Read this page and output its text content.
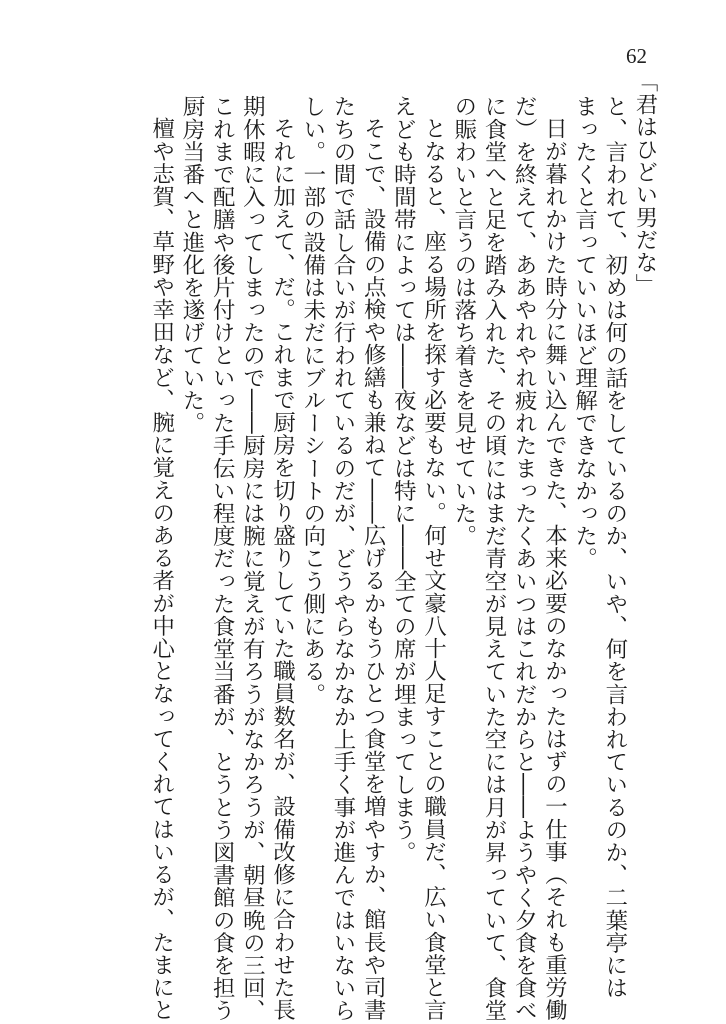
62
「君はひどい男だな」
と、言われて、初めは何の話をしているのか、いや、何を言われているのか、二葉亭には
まったくと言っていいほど理解できなかった。
日が暮れかけた時分に舞い込んできた、本来必要のなかったはずの一仕事（それも重労働
だ）を終えて、ああやれやれ疲れたまったくあいつはこれだからと――ようやく夕食を食べ
に食堂へと足を踏み入れた、その頃にはまだ青空が見えていた空には月が昇っていて、食堂
の賑わいと言うのは落ち着きを見せていた。
となると、座る場所を探す必要もない。何せ文豪八十人足すことの職員だ、広い食堂と言
えども時間帯によっては――夜などは特に――全ての席が埋まってしまう。
そこで、設備の点検や修繕も兼ねて――広げるかもうひとつ食堂を増やすか、館長や司書
たちの間で話し合いが行われているのだが、どうやらなかなか上手く事が進んではいないら
しい。一部の設備は未だにブルーシートの向こう側にある。
それに加えて、だ。これまで厨房を切り盛りしていた職員数名が、設備改修に合わせた長
期休暇に入ってしまったので――厨房には腕に覚えが有ろうがなかろうが、朝昼晩の三回、
これまで配膳や後片付けといった手伝い程度だった食堂当番が、とうとう図書館の食を担う
厨房当番へと進化を遂げていた。
檀や志賀、草野や幸田など、腕に覚えのある者が中心となってくれてはいるが、たまにと
